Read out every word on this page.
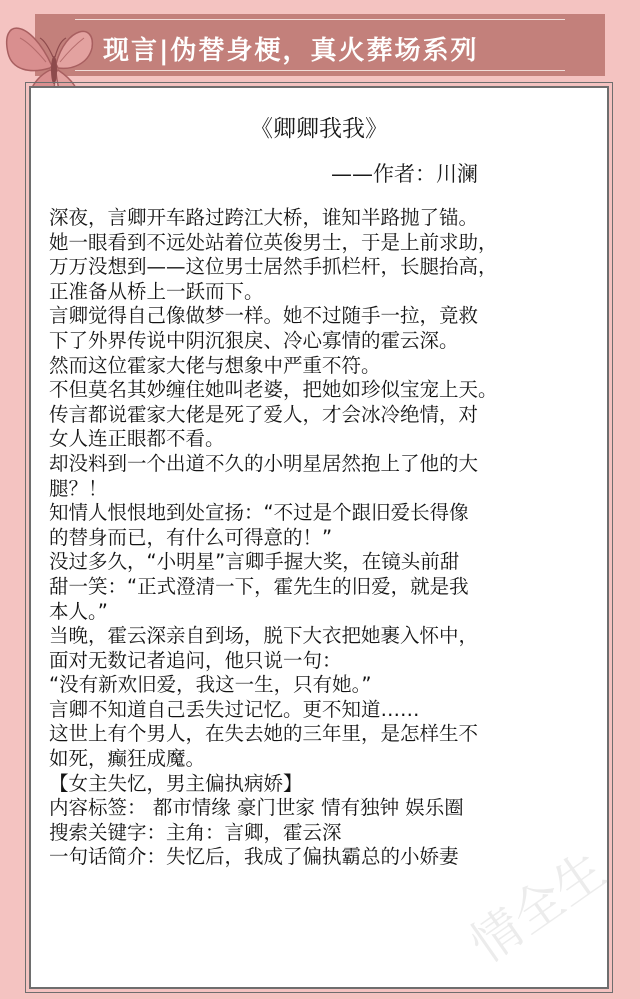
现言|伪替身梗，真火葬场系列
《卿卿我我》
——作者：川澜

深夜，言卿开车路过跨江大桥，谁知半路抛了锚。

她一眼看到不远处站着位英俊男士，于是上前求助，

万万没想到——这位男士居然手抓栏杆，长腿抬高，

正准备从桥上一跃而下。

言卿觉得自己像做梦一样。她不过随手一拉，竟救

下了外界传说中阴沉狠戾、冷心寡情的霍云深。

然而这位霍家大佬与想象中严重不符。

不但莫名其妙缠住她叫老婆，把她如珍似宝宠上天。

传言都说霍家大佬是死了爱人，才会冰冷绝情，对

女人连正眼都不看。

却没料到一个出道不久的小明星居然抱上了他的大

腿？！

知情人恨恨地到处宣扬：“不过是个跟旧爱长得像

的替身而已，有什么可得意的！”

没过多久，“小明星”言卿手握大奖，在镜头前甜

甜一笑：“正式澄清一下，霍先生的旧爱，就是我

本人。”

当晚，霍云深亲自到场，脱下大衣把她裹入怀中，

面对无数记者追问，他只说一句：

“没有新欢旧爱，我这一生，只有她。”

言卿不知道自己丢失过记忆。更不知道……

这世上有个男人，在失去她的三年里，是怎样生不

如死，癫狂成魔。

【女主失忆，男主偏执病娇】

内容标签： 都市情缘 豪门世家 情有独钟 娱乐圈

搜索关键字：主角：言卿，霍云深

一句话简介：失忆后，我成了偏执霸总的小娇妻 情全生
